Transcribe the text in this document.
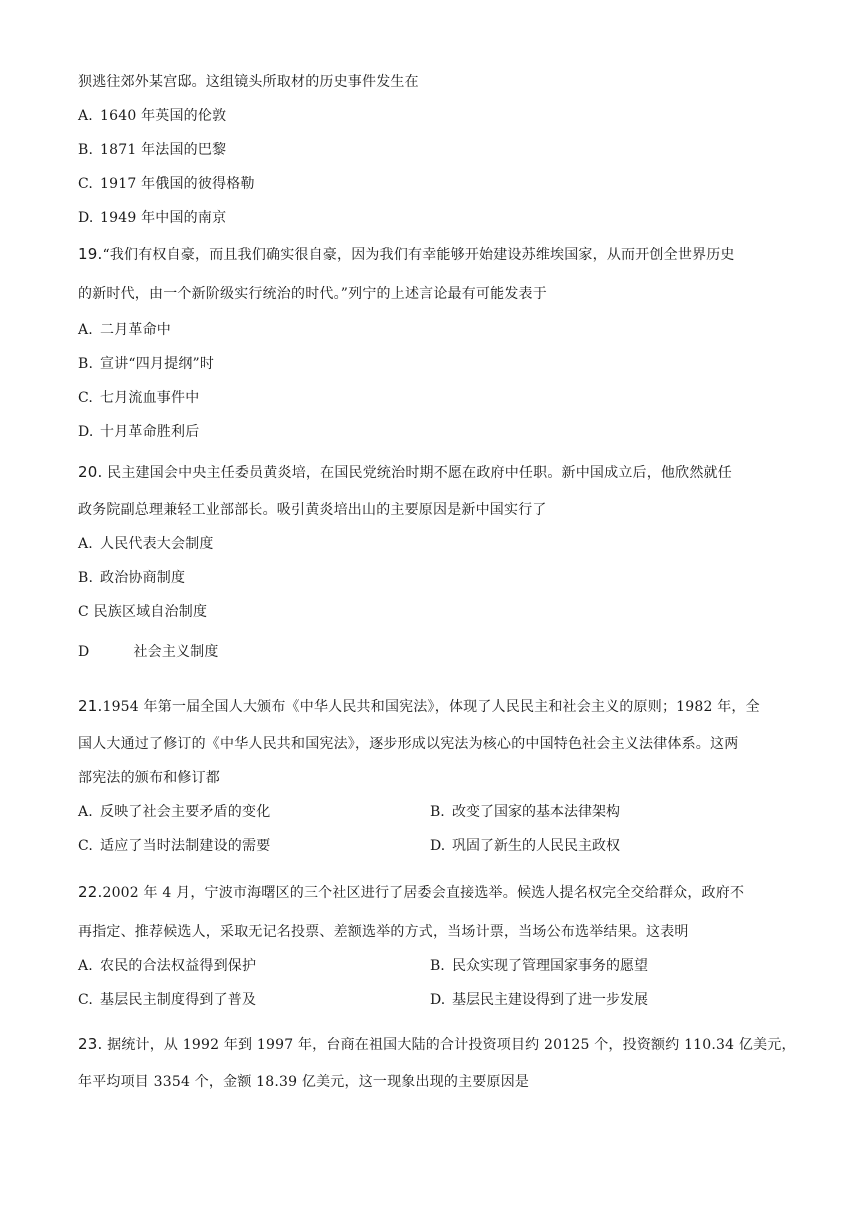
狈逃往郊外某宫邸。这组镜头所取材的历史事件发生在
A. 1640 年英国的伦敦
B. 1871 年法国的巴黎
C. 1917 年俄国的彼得格勒
D. 1949 年中国的南京
19.“我们有权自豪，而且我们确实很自豪，因为我们有幸能够开始建设苏维埃国家，从而开创全世界历史
的新时代，由一个新阶级实行统治的时代。”列宁的上述言论最有可能发表于
A. 二月革命中
B. 宣讲“四月提纲”时
C. 七月流血事件中
D. 十月革命胜利后
20. 民主建国会中央主任委员黄炎培，在国民党统治时期不愿在政府中任职。新中国成立后，他欣然就任
政务院副总理兼轻工业部部长。吸引黄炎培出山的主要原因是新中国实行了
A. 人民代表大会制度
B. 政治协商制度
C 民族区域自治制度
D	社会主义制度
21.1954 年第一届全国人大颁布《中华人民共和国宪法》，体现了人民民主和社会主义的原则；1982 年，全
国人大通过了修订的《中华人民共和国宪法》，逐步形成以宪法为核心的中国特色社会主义法律体系。这两
部宪法的颁布和修订都
A. 反映了社会主要矛盾的变化	B. 改变了国家的基本法律架构
C. 适应了当时法制建设的需要	D. 巩固了新生的人民民主政权
22.2002 年 4 月，宁波市海曙区的三个社区进行了居委会直接选举。候选人提名权完全交给群众，政府不
再指定、推荐候选人，采取无记名投票、差额选举的方式，当场计票，当场公布选举结果。这表明
A. 农民的合法权益得到保护	B. 民众实现了管理国家事务的愿望
C. 基层民主制度得到了普及	D. 基层民主建设得到了进一步发展
23. 据统计，从 1992 年到 1997 年，台商在祖国大陆的合计投资项目约 20125 个，投资额约 110.34 亿美元，
年平均项目 3354 个，金额 18.39 亿美元，这一现象出现的主要原因是
